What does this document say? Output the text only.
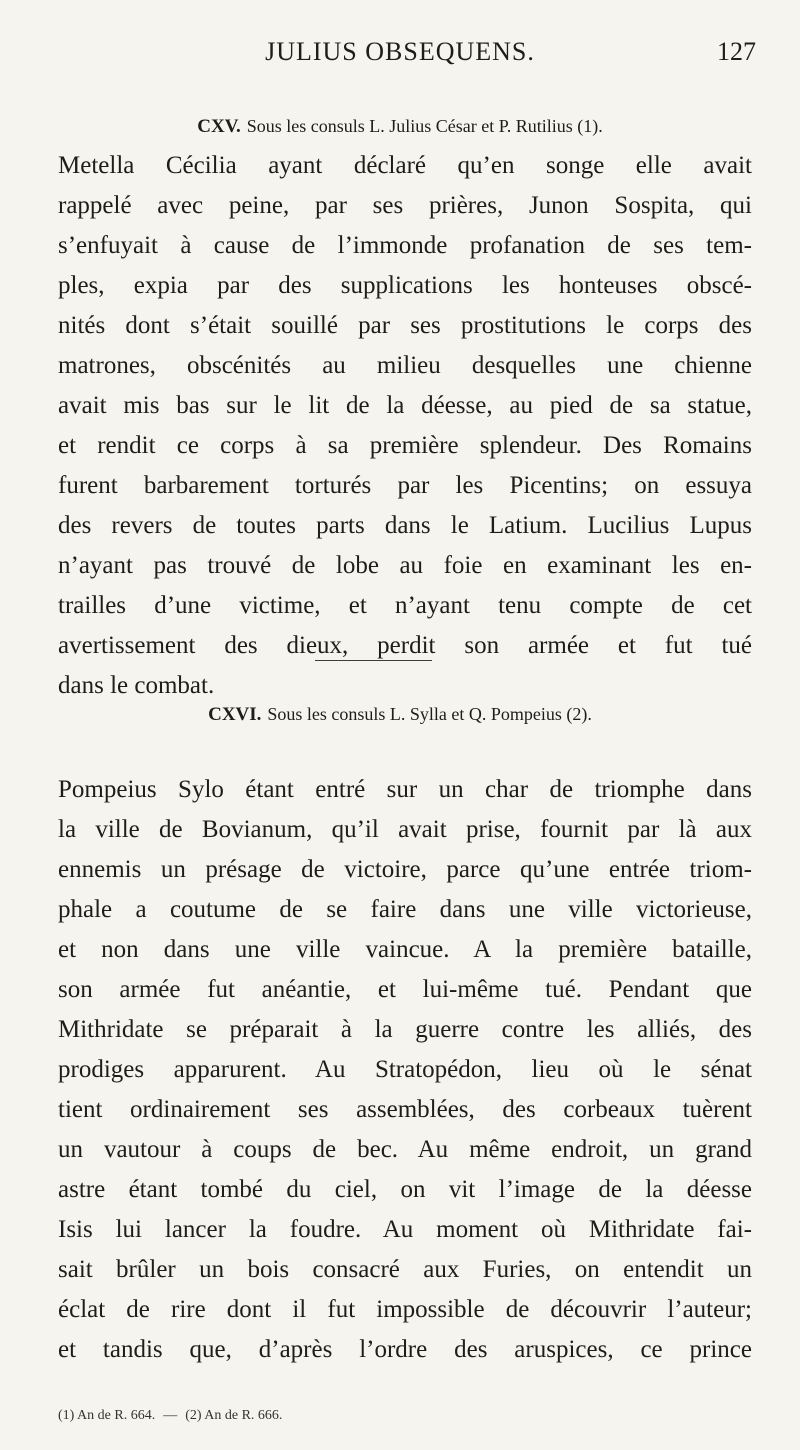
JULIUS OBSEQUENS.	127
CXV. Sous les consuls L. Julius César et P. Rutilius (1).
Metella Cécilia ayant déclaré qu’en songe elle avait
rappelé avec peine, par ses prières, Junon Sospita, qui
s’enfuyait à cause de l’immonde profanation de ses tem-
ples, expia par des supplications les honteuses obscé-
nités dont s’était souillé par ses prostitutions le corps des
matrones, obscénités au milieu desquelles une chienne
avait mis bas sur le lit de la déesse, au pied de sa statue,
et rendit ce corps à sa première splendeur. Des Romains
furent barbarement torturés par les Picentins; on essuya
des revers de toutes parts dans le Latium. Lucilius Lupus
n’ayant pas trouvé de lobe au foie en examinant les en-
trailles d’une victime, et n’ayant tenu compte de cet
avertissement des dieux, perdit son armée et fut tué
dans le combat.
CXVI. Sous les consuls L. Sylla et Q. Pompeius (2).
Pompeius Sylo étant entré sur un char de triomphe dans
la ville de Bovianum, qu’il avait prise, fournit par là aux
ennemis un présage de victoire, parce qu’une entrée triom-
phale a coutume de se faire dans une ville victorieuse,
et non dans une ville vaincue. A la première bataille,
son armée fut anéantie, et lui-même tué. Pendant que
Mithridate se préparait à la guerre contre les alliés, des
prodiges apparurent. Au Stratopédon, lieu où le sénat
tient ordinairement ses assemblées, des corbeaux tuèrent
un vautour à coups de bec. Au même endroit, un grand
astre étant tombé du ciel, on vit l’image de la déesse
Isis lui lancer la foudre. Au moment où Mithridate fai-
sait brûler un bois consacré aux Furies, on entendit un
éclat de rire dont il fut impossible de découvrir l’auteur;
et tandis que, d’après l’ordre des aruspices, ce prince
(1) An de R. 664. — (2) An de R. 666.
